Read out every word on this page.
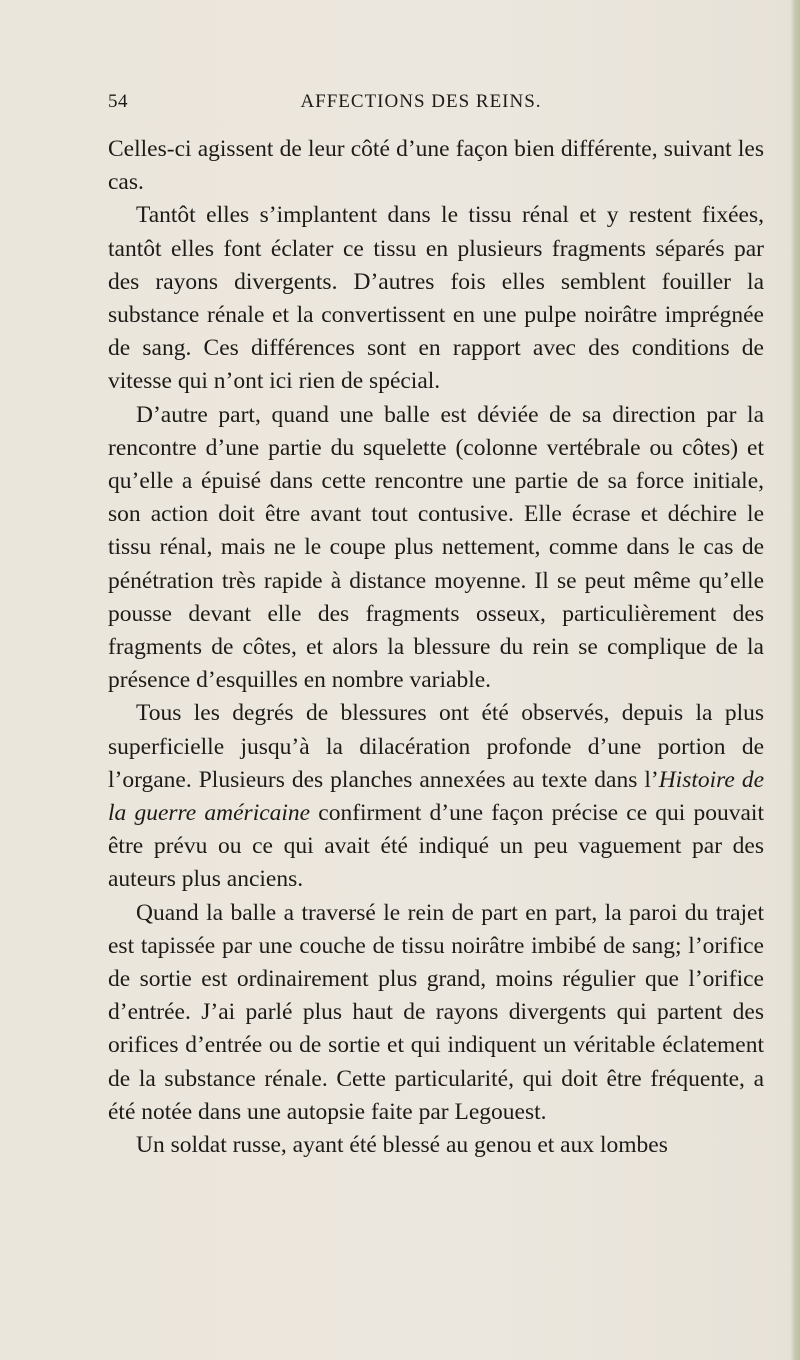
54	AFFECTIONS DES REINS.

Celles-ci agissent de leur côté d’une façon bien différente, suivant les cas.

Tantôt elles s’implantent dans le tissu rénal et y restent fixées, tantôt elles font éclater ce tissu en plusieurs fragments séparés par des rayons divergents. D’autres fois elles semblent fouiller la substance rénale et la convertissent en une pulpe noirâtre imprégnée de sang. Ces différences sont en rapport avec des conditions de vitesse qui n’ont ici rien de spécial.

D’autre part, quand une balle est déviée de sa direction par la rencontre d’une partie du squelette (colonne vertébrale ou côtes) et qu’elle a épuisé dans cette rencontre une partie de sa force initiale, son action doit être avant tout contusive. Elle écrase et déchire le tissu rénal, mais ne le coupe plus nettement, comme dans le cas de pénétration très rapide à distance moyenne. Il se peut même qu’elle pousse devant elle des fragments osseux, particulièrement des fragments de côtes, et alors la blessure du rein se complique de la présence d’esquilles en nombre variable.

Tous les degrés de blessures ont été observés, depuis la plus superficielle jusqu’à la dilacération profonde d’une portion de l’organe. Plusieurs des planches annexées au texte dans l’Histoire de la guerre américaine confirment d’une façon précise ce qui pouvait être prévu ou ce qui avait été indiqué un peu vaguement par des auteurs plus anciens.

Quand la balle a traversé le rein de part en part, la paroi du trajet est tapissée par une couche de tissu noirâtre imbibé de sang; l’orifice de sortie est ordinairement plus grand, moins régulier que l’orifice d’entrée. J’ai parlé plus haut de rayons divergents qui partent des orifices d’entrée ou de sortie et qui indiquent un véritable éclatement de la substance rénale. Cette particularité, qui doit être fréquente, a été notée dans une autopsie faite par Legouest.

Un soldat russe, ayant été blessé au genou et aux lombes
